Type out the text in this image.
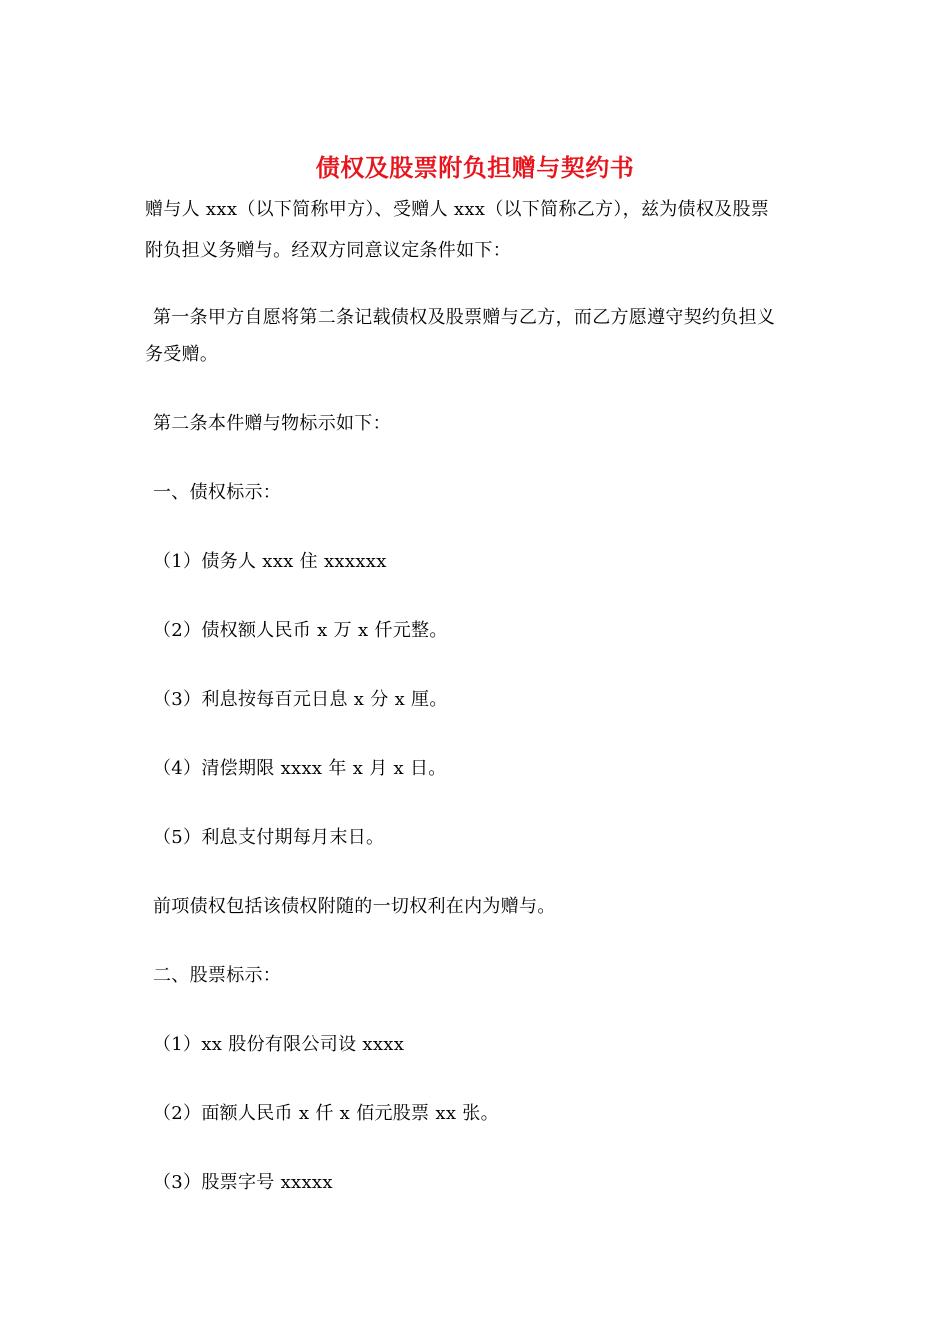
债权及股票附负担赠与契约书
赠与人 xxx（以下简称甲方）、受赠人 xxx（以下简称乙方），兹为债权及股票
附负担义务赠与。经双方同意议定条件如下：
第一条甲方自愿将第二条记载债权及股票赠与乙方，而乙方愿遵守契约负担义
务受赠。
第二条本件赠与物标示如下：
一、债权标示：
（1）债务人 xxx 住 xxxxxx
（2）债权额人民币 x 万 x 仟元整。
（3）利息按每百元日息 x 分 x 厘。
（4）清偿期限 xxxx 年 x 月 x 日。
（5）利息支付期每月末日。
前项债权包括该债权附随的一切权利在内为赠与。
二、股票标示：
（1）xx 股份有限公司设 xxxx
（2）面额人民币 x 仟 x 佰元股票 xx 张。
（3）股票字号 xxxxx
